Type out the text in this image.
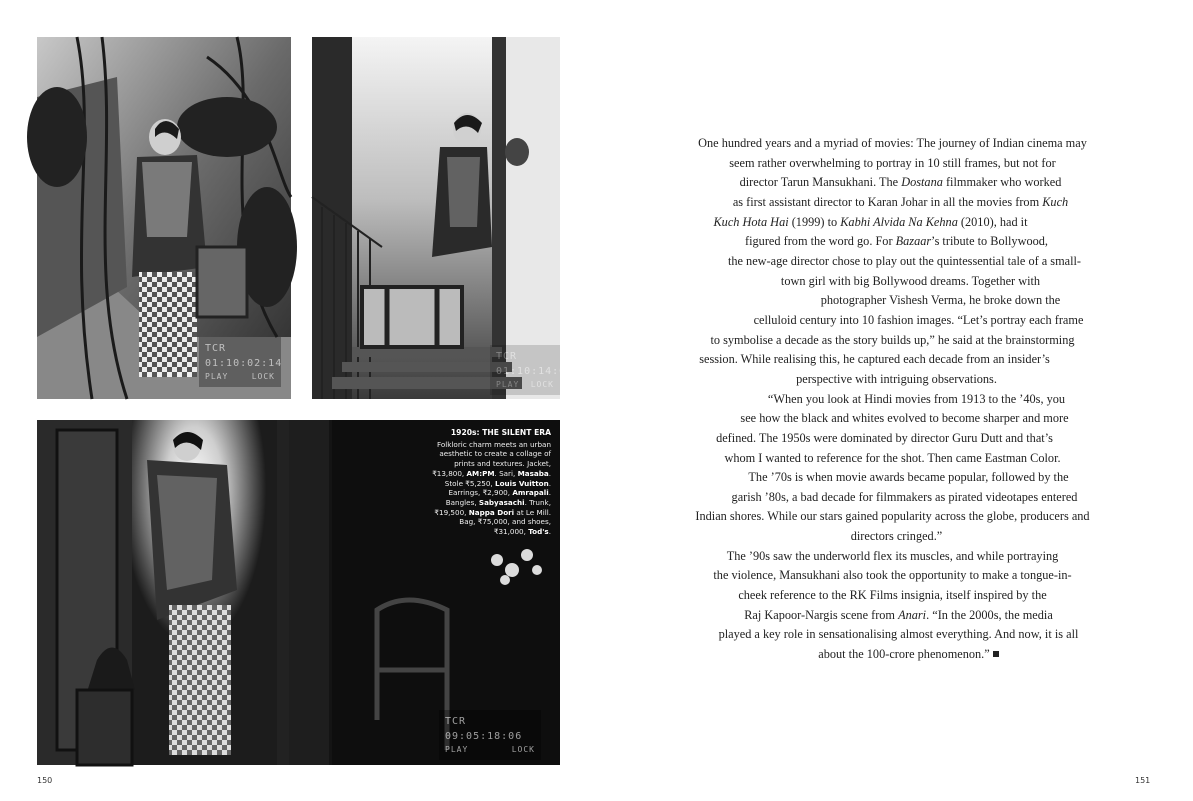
TCR 01:10:02:14
PLAY	LOCK
TCR 01:10:14:02
PLAY LOCK
1920s: THE SILENT ERA
Folkloric charm meets an urban aesthetic to create a collage of prints and textures. Jacket, ₹13,800, AM:PM. Sari, Masaba. Stole ₹5,250, Louis Vuitton. Earrings, ₹2,900, Amrapali. Bangles, Sabyasachi. Trunk, ₹19,500, Nappa Dori at Le Mill. Bag, ₹75,000, and shoes, ₹31,000, Tod's.
TCR 09:05:18:06
PLAY	LOCK
150	151
One hundred years and a myriad of movies: The journey of Indian cinema may
seem rather overwhelming to portray in 10 still frames, but not for
director Tarun Mansukhani. The Dostana filmmaker who worked
as first assistant director to Karan Johar in all the movies from Kuch
Kuch Hota Hai (1999) to Kabhi Alvida Na Kehna (2010), had it
figured from the word go. For Bazaar’s tribute to Bollywood,
the new-age director chose to play out the quintessential tale of a small-
town girl with big Bollywood dreams. Together with
photographer Vishesh Verma, he broke down the
celluloid century into 10 fashion images. “Let’s portray each frame
to symbolise a decade as the story builds up,” he said at the brainstorming
session. While realising this, he captured each decade from an insider’s
perspective with intriguing observations.
“When you look at Hindi movies from 1913 to the ’40s, you
see how the black and whites evolved to become sharper and more
defined. The 1950s were dominated by director Guru Dutt and that’s
whom I wanted to reference for the shot. Then came Eastman Color.
The ’70s is when movie awards became popular, followed by the
garish ’80s, a bad decade for filmmakers as pirated videotapes entered
Indian shores. While our stars gained popularity across the globe, producers and
directors cringed.”
The ’90s saw the underworld flex its muscles, and while portraying
the violence, Mansukhani also took the opportunity to make a tongue-in-
cheek reference to the RK Films insignia, itself inspired by the
Raj Kapoor-Nargis scene from Anari. “In the 2000s, the media
played a key role in sensationalising almost everything. And now, it is all
about the 100-crore phenomenon.”
